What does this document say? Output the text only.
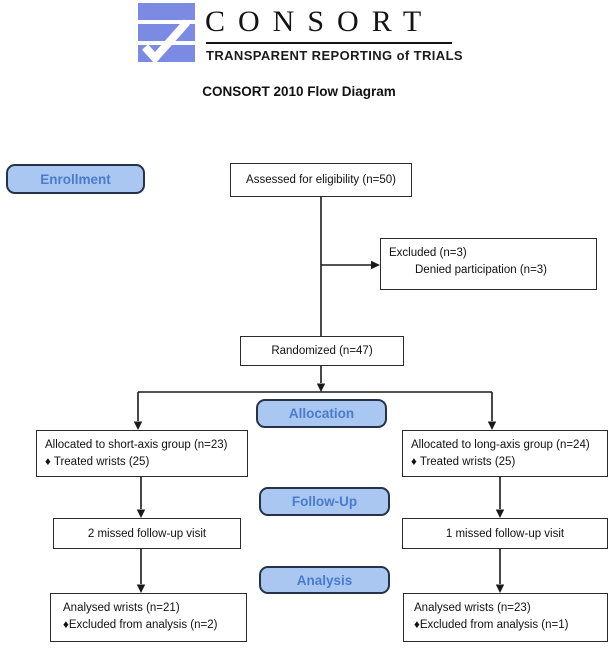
CONSORT
TRANSPARENT REPORTING of TRIALS
CONSORT 2010 Flow Diagram
Enrollment
Allocation
Follow-Up
Analysis
Assessed for eligibility (n=50)
Excluded (n=3)
Denied participation (n=3)
Randomized (n=47)
Allocated to short-axis group (n=23)
♦ Treated wrists (25)
Allocated to long-axis group (n=24)
♦ Treated wrists (25)
2 missed follow-up visit	1 missed follow-up visit
Analysed wrists (n=21)
♦Excluded from analysis (n=2)
Analysed wrists (n=23)
♦Excluded from analysis (n=1)
